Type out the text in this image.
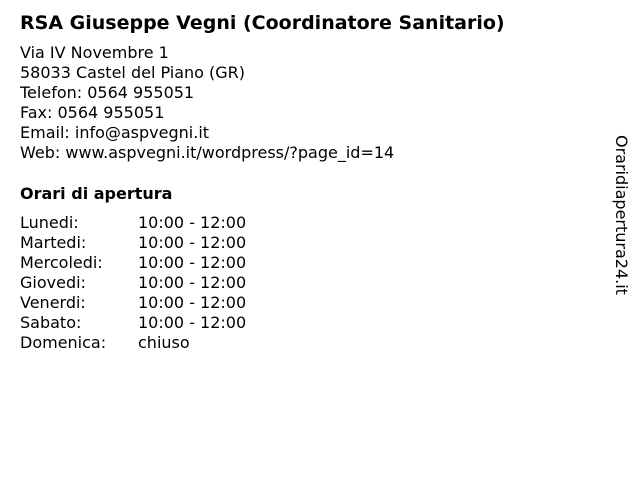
RSA Giuseppe Vegni (Coordinatore Sanitario)
Via IV Novembre 1
58033 Castel del Piano (GR)
Telefon: 0564 955051
Fax: 0564 955051
Email: info@aspvegni.it
Web: www.aspvegni.it/wordpress/?page_id=14
Orari di apertura
Lunedi:	10:00 - 12:00
Martedi:	10:00 - 12:00
Mercoledi: 10:00 - 12:00
Giovedi:	10:00 - 12:00
Venerdi:	10:00 - 12:00
Sabato:	10:00 - 12:00
Domenica: chiuso
Oraridiapertura24.it
